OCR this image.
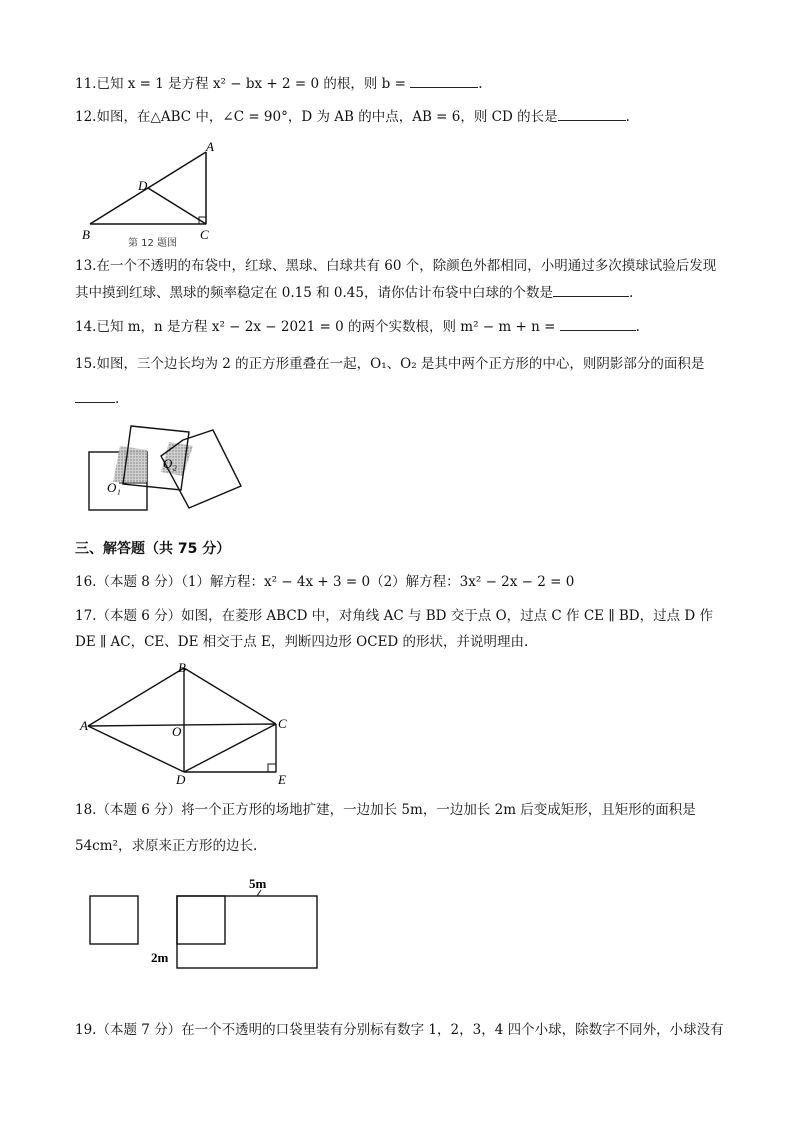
11.已知 x = 1 是方程 x² − bx + 2 = 0 的根，则 b =	.
12.如图，在△ABC 中，∠C = 90°，D 为 AB 的中点，AB = 6，则 CD 的长是	.
A
B	C
D
第 12 题图
13.在一个不透明的布袋中，红球、黑球、白球共有 60 个，除颜色外都相同，小明通过多次摸球试验后发现
其中摸到红球、黑球的频率稳定在 0.15 和 0.45，请你估计布袋中白球的个数是	.
14.已知 m，n 是方程 x² − 2x − 2021 = 0 的两个实数根，则 m² − m + n =	.
15.如图，三个边长均为 2 的正方形重叠在一起，O₁、O₂ 是其中两个正方形的中心，则阴影部分的面积是
.
O₁
O₂
三、解答题（共 75 分）
16.（本题 8 分）（1）解方程：x² − 4x + 3 = 0（2）解方程：3x² − 2x − 2 = 0
17.（本题 6 分）如图，在菱形 ABCD 中，对角线 AC 与 BD 交于点 O，过点 C 作 CE ∥ BD，过点 D 作
DE ∥ AC，CE、DE 相交于点 E，判断四边形 OCED 的形状，并说明理由.
A
B
C
D
O
E
18.（本题 6 分）将一个正方形的场地扩建，一边加长 5m，一边加长 2m 后变成矩形，且矩形的面积是
54cm²，求原来正方形的边长.
5m
2m
19.（本题 7 分）在一个不透明的口袋里装有分别标有数字 1，2，3，4 四个小球，除数字不同外，小球没有
